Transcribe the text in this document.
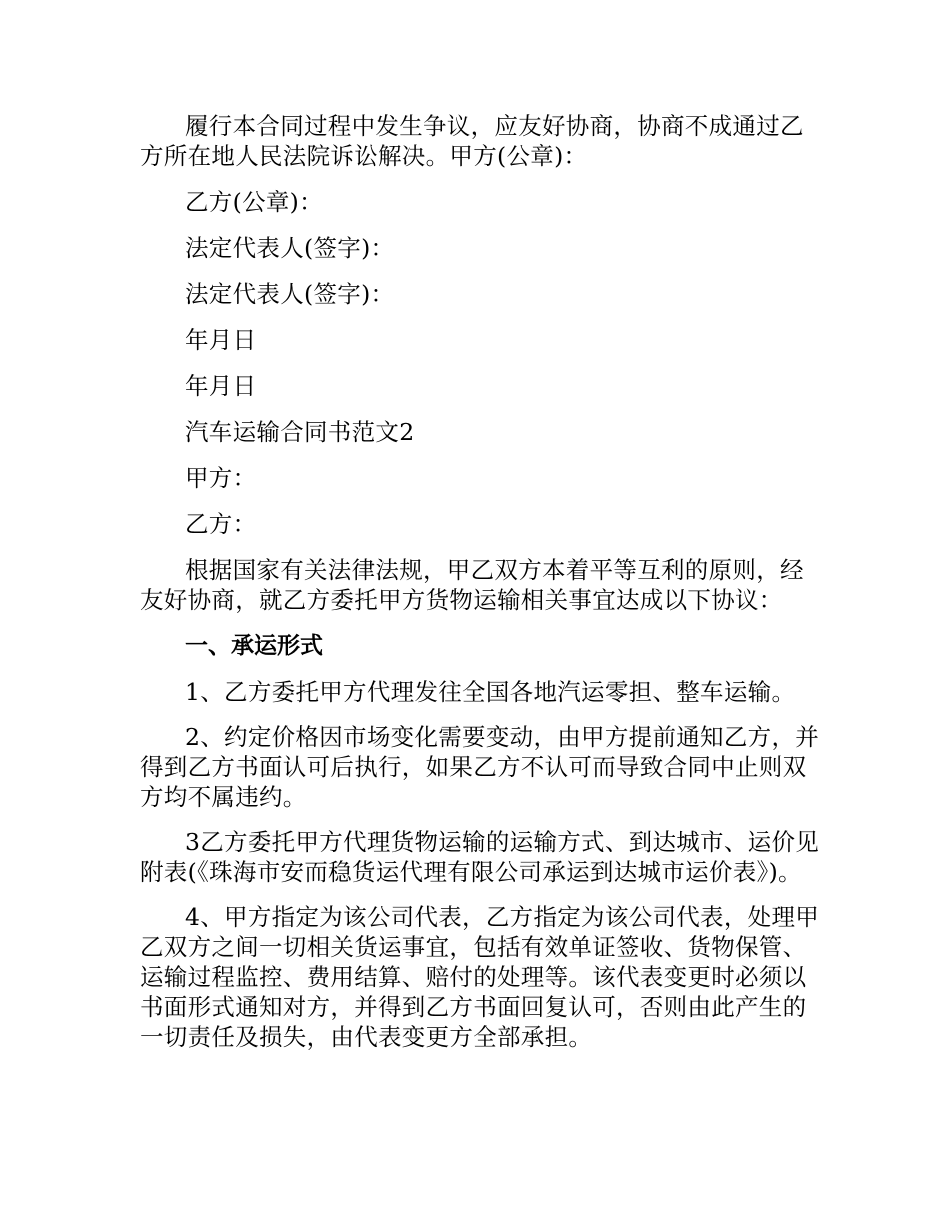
履行本合同过程中发生争议，应友好协商，协商不成通过乙方所在地人民法院诉讼解决。甲方(公章)：

乙方(公章)：

法定代表人(签字)：

法定代表人(签字)：

年月日

年月日

汽车运输合同书范文2

甲方：

乙方：

根据国家有关法律法规，甲乙双方本着平等互利的原则，经友好协商，就乙方委托甲方货物运输相关事宜达成以下协议：

一、承运形式

1、乙方委托甲方代理发往全国各地汽运零担、整车运输。

2、约定价格因市场变化需要变动，由甲方提前通知乙方，并得到乙方书面认可后执行，如果乙方不认可而导致合同中止则双方均不属违约。

3乙方委托甲方代理货物运输的运输方式、到达城市、运价见附表(《珠海市安而稳货运代理有限公司承运到达城市运价表》)。

4、甲方指定为该公司代表，乙方指定为该公司代表，处理甲乙双方之间一切相关货运事宜，包括有效单证签收、货物保管、运输过程监控、费用结算、赔付的处理等。该代表变更时必须以书面形式通知对方，并得到乙方书面回复认可，否则由此产生的一切责任及损失，由代表变更方全部承担。
